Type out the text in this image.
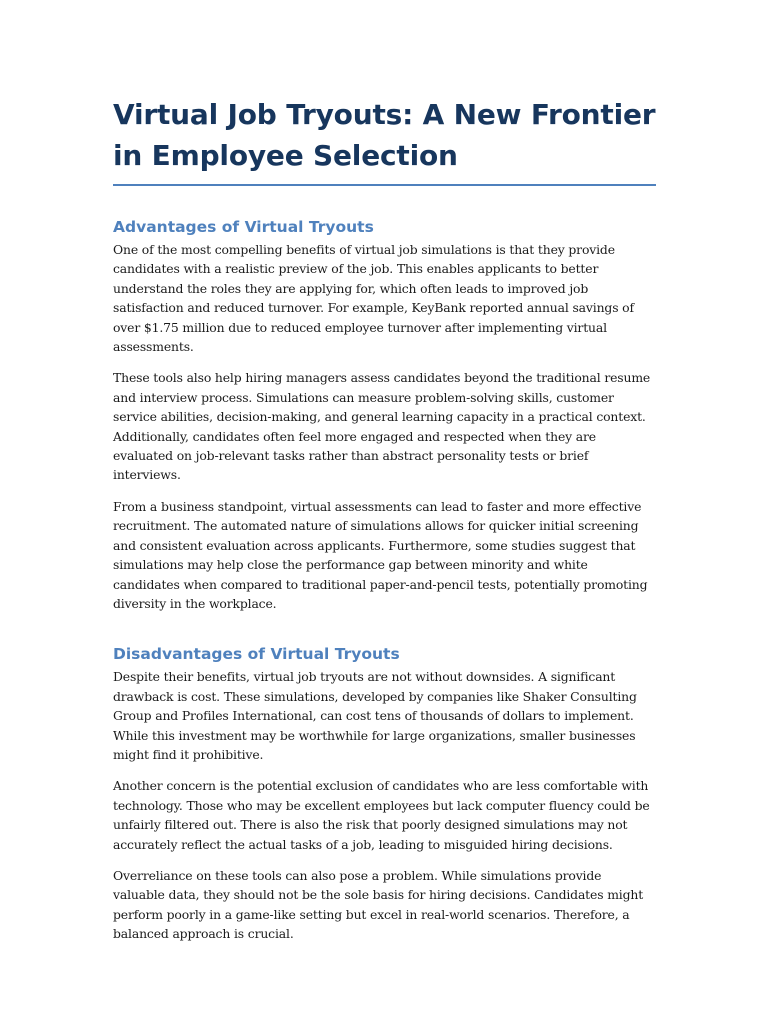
Virtual Job Tryouts: A New Frontier in Employee Selection
Advantages of Virtual Tryouts

One of the most compelling benefits of virtual job simulations is that they provide candidates with a realistic preview of the job. This enables applicants to better understand the roles they are applying for, which often leads to improved job satisfaction and reduced turnover. For example, KeyBank reported annual savings of over $1.75 million due to reduced employee turnover after implementing virtual assessments.

These tools also help hiring managers assess candidates beyond the traditional resume and interview process. Simulations can measure problem-solving skills, customer service abilities, decision-making, and general learning capacity in a practical context. Additionally, candidates often feel more engaged and respected when they are evaluated on job-relevant tasks rather than abstract personality tests or brief interviews.

From a business standpoint, virtual assessments can lead to faster and more effective recruitment. The automated nature of simulations allows for quicker initial screening and consistent evaluation across applicants. Furthermore, some studies suggest that simulations may help close the performance gap between minority and white candidates when compared to traditional paper-and-pencil tests, potentially promoting diversity in the workplace.

Disadvantages of Virtual Tryouts

Despite their benefits, virtual job tryouts are not without downsides. A significant drawback is cost. These simulations, developed by companies like Shaker Consulting Group and Profiles International, can cost tens of thousands of dollars to implement. While this investment may be worthwhile for large organizations, smaller businesses might find it prohibitive.

Another concern is the potential exclusion of candidates who are less comfortable with technology. Those who may be excellent employees but lack computer fluency could be unfairly filtered out. There is also the risk that poorly designed simulations may not accurately reflect the actual tasks of a job, leading to misguided hiring decisions.

Overreliance on these tools can also pose a problem. While simulations provide valuable data, they should not be the sole basis for hiring decisions. Candidates might perform poorly in a game-like setting but excel in real-world scenarios. Therefore, a balanced approach is crucial.
